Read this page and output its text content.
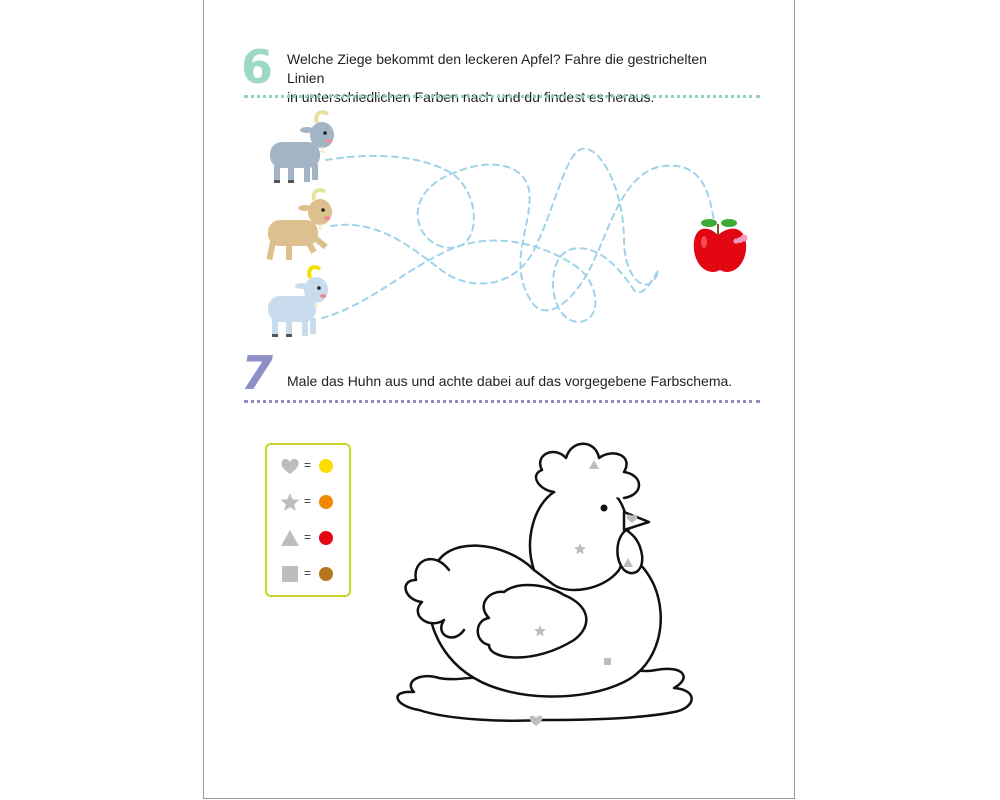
6 Welche Ziege bekommt den leckeren Apfel? Fahre die gestrichelten Linien
in unterschiedlichen Farben nach und du findest es heraus.
7 Male das Huhn aus und achte dabei auf das vorgegebene Farbschema.
=
=
=
=
